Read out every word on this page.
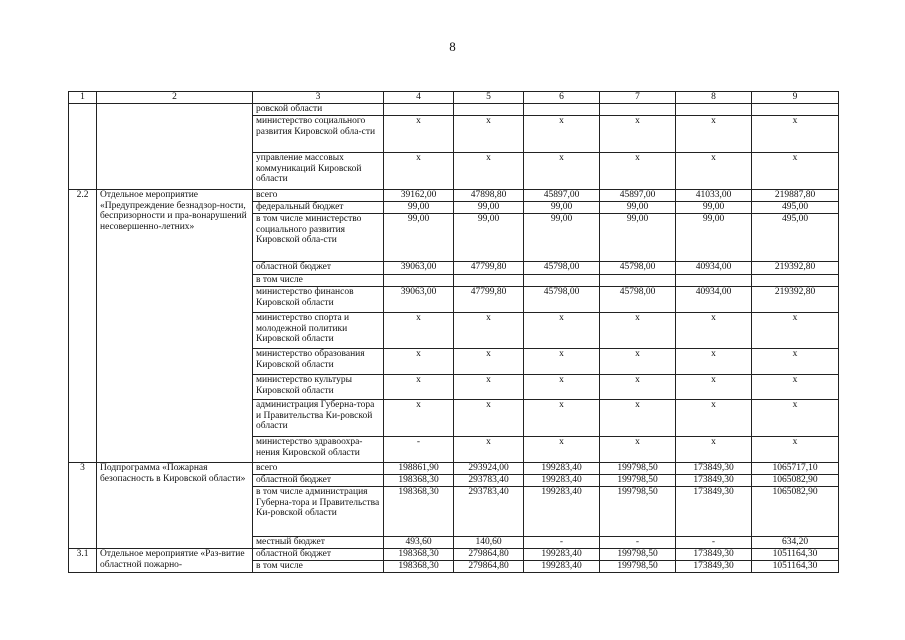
8
1	2	3	4	5	6	7	8	9
		ровской области						
		министерство социального развития Кировской обла-сти	х	х	х	х	х	х
		управление массовых коммуникаций Кировской области	х	х	х	х	х	х
2.2	Отдельное мероприятие «Предупреждение безнадзор-ности, беспризорности и пра-вонарушений несовершенно-летних»	всего	39162,00	47898,80	45897,00	45897,00	41033,00	219887,80
		федеральный бюджет	99,00	99,00	99,00	99,00	99,00	495,00
		в том числе министерство социального развития Кировской обла-сти	99,00	99,00	99,00	99,00	99,00	495,00
		областной бюджет	39063,00	47799,80	45798,00	45798,00	40934,00	219392,80
		в том числе						
		министерство финансов Кировской области	39063,00	47799,80	45798,00	45798,00	40934,00	219392,80
		министерство спорта и молодежной политики Кировской области	х	х	х	х	х	х
		министерство образования Кировской области	х	х	х	х	х	х
		министерство культуры Кировской области	х	х	х	х	х	х
		администрация Губерна-тора и Правительства Ки-ровской области	х	х	х	х	х	х
		министерство здравоохра-нения Кировской области	-	х	х	х	х	х
3	Подпрограмма «Пожарная безопасность в Кировской области»	всего	198861,90	293924,00	199283,40	199798,50	173849,30	1065717,10
		областной бюджет	198368,30	293783,40	199283,40	199798,50	173849,30	1065082,90
		в том числе администрация Губерна-тора и Правительства Ки-ровской области	198368,30	293783,40	199283,40	199798,50	173849,30	1065082,90
		местный бюджет	493,60	140,60	-	-	-	634,20
3.1	Отдельное мероприятие «Раз-витие областной пожарно-	областной бюджет	198368,30	279864,80	199283,40	199798,50	173849,30	1051164,30
		в том числе	198368,30	279864,80	199283,40	199798,50	173849,30	1051164,30
